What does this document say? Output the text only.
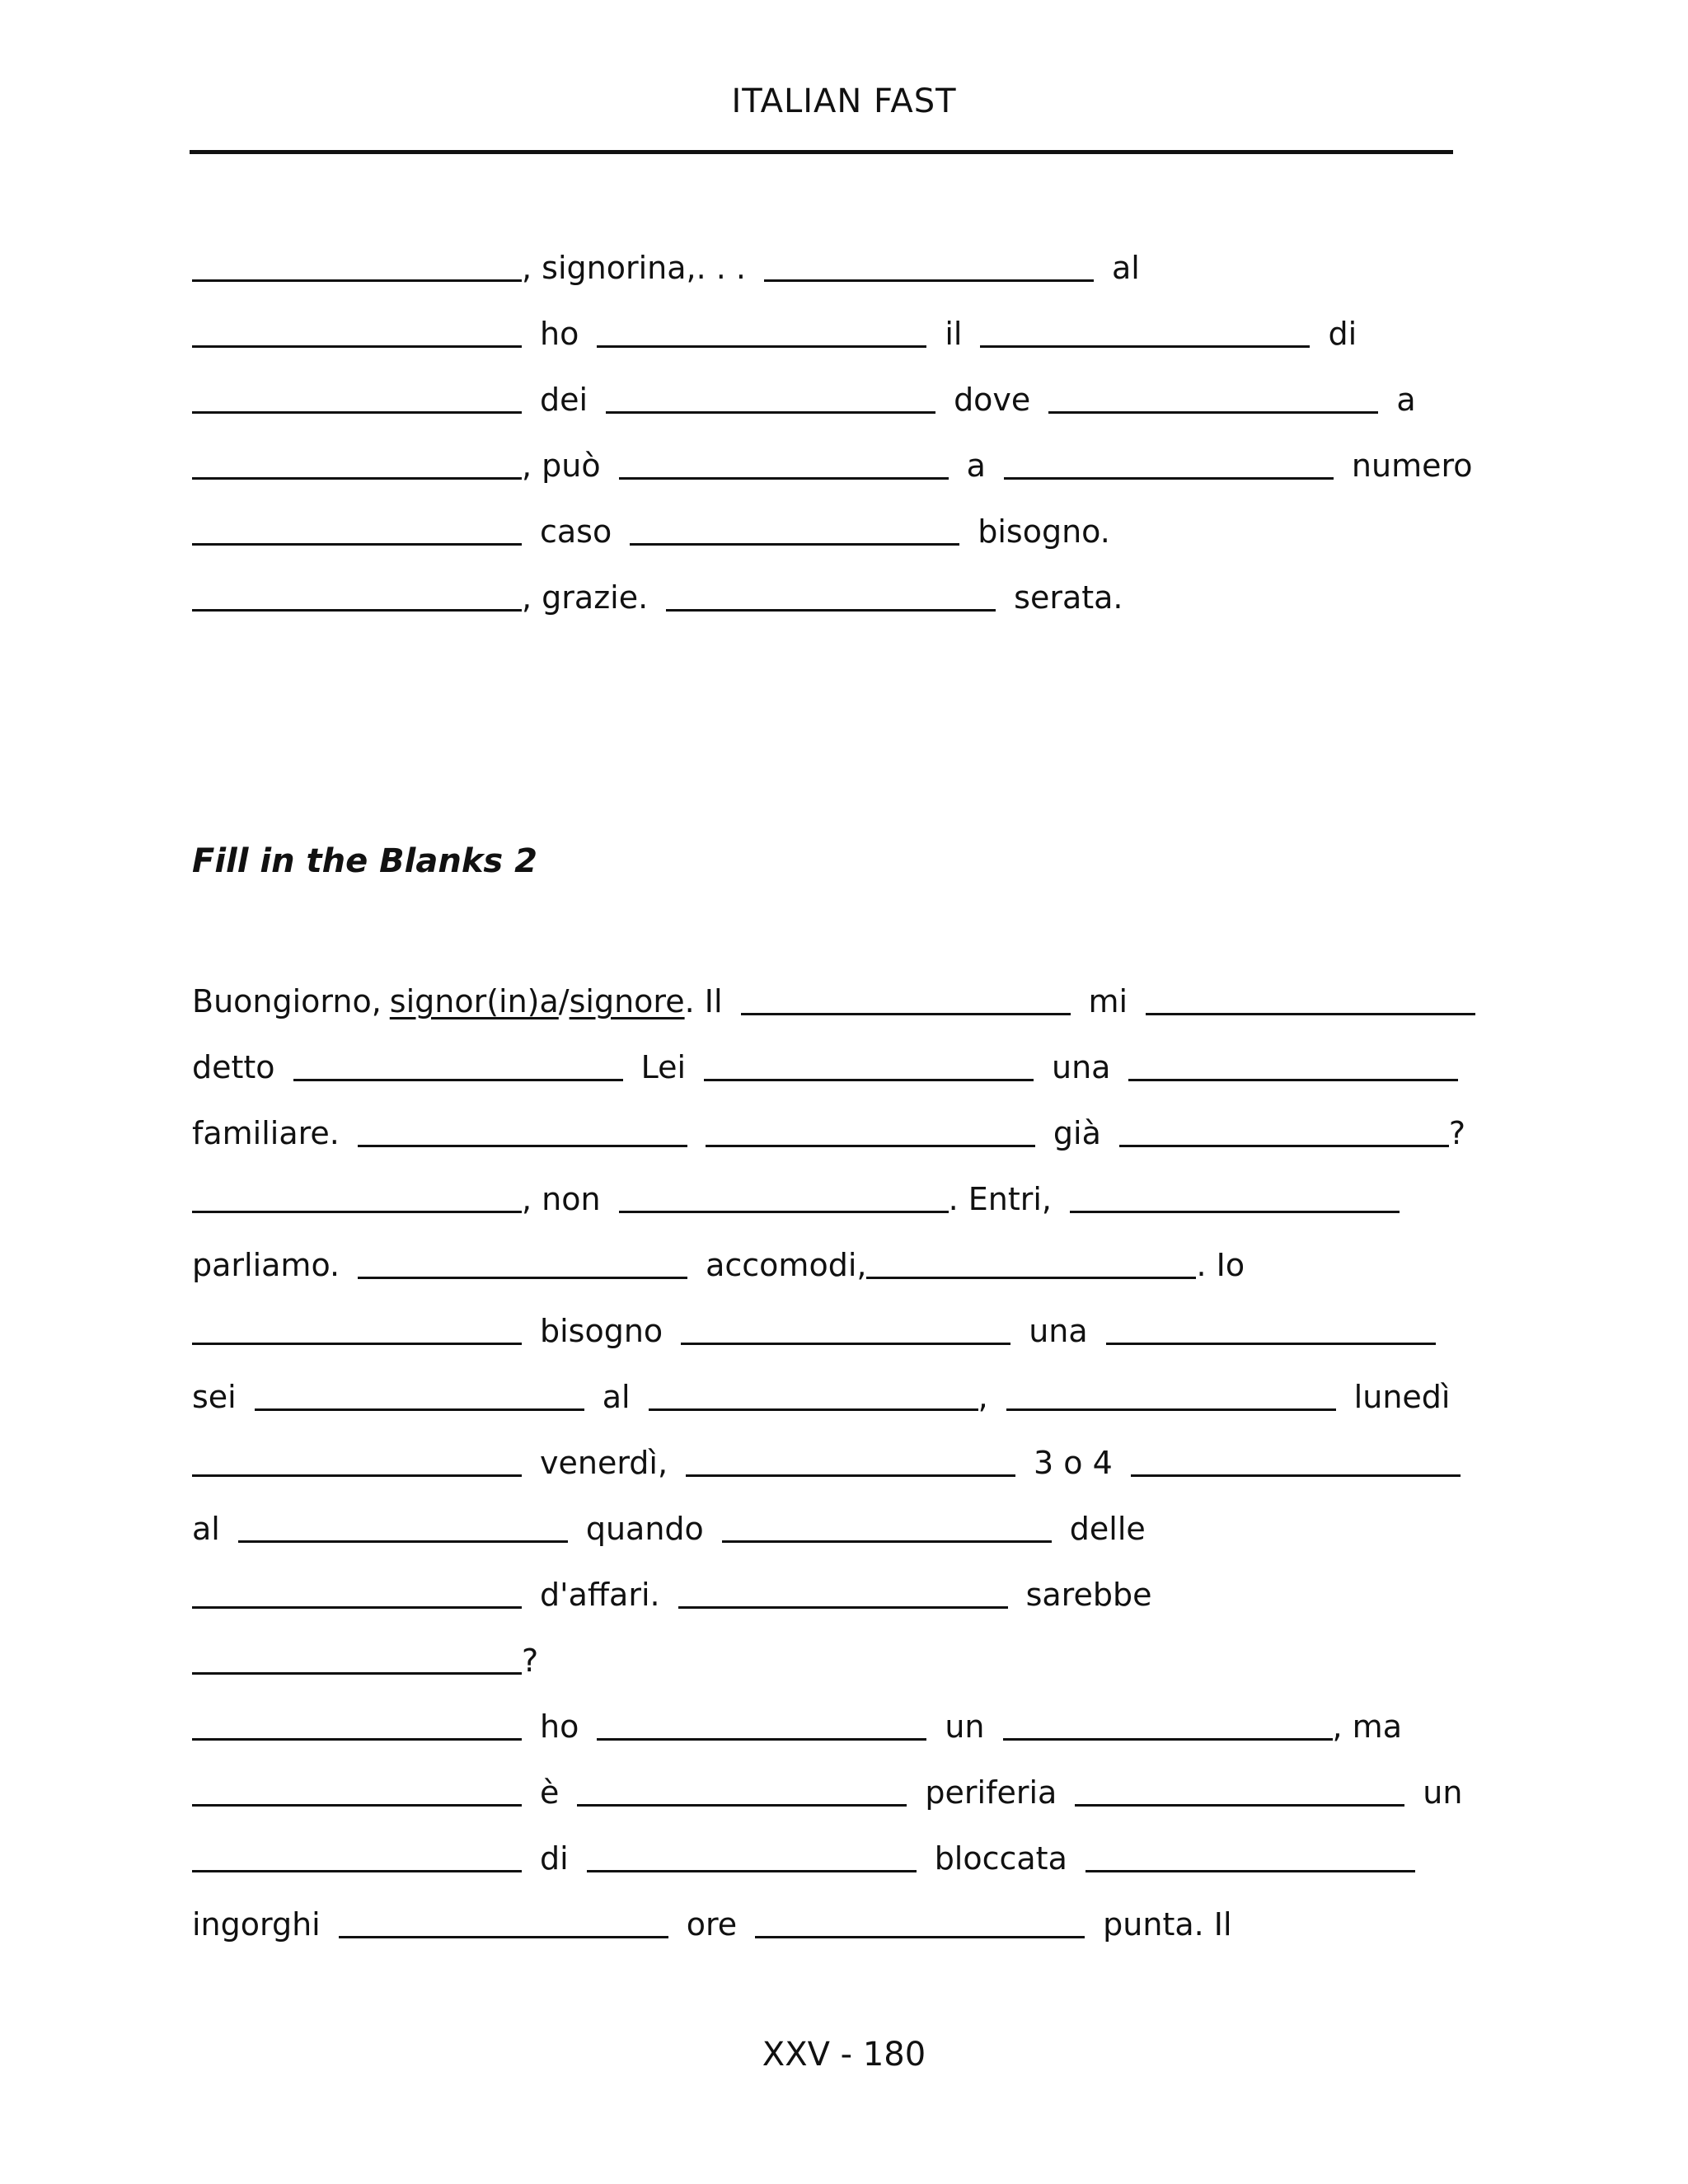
ITALIAN FAST
, signorina,. . .	al
ho	il	di
dei	dove	a
, può	a	numero
caso	bisogno.
, grazie.	serata.
Fill in the Blanks 2
Buongiorno, signor(in)a / signore . Il	mi
detto	Lei	una
familiare.	già	?
, non	. Entri,
parliamo.	accomodi,	. Io
bisogno	una
sei	al	,	lunedì
venerdì,	3 o 4
al	quando	delle
d'affari.	sarebbe
?
ho	un	, ma
è	periferia	un
di	bloccata
ingorghi	ore	punta. Il
XXV - 180
